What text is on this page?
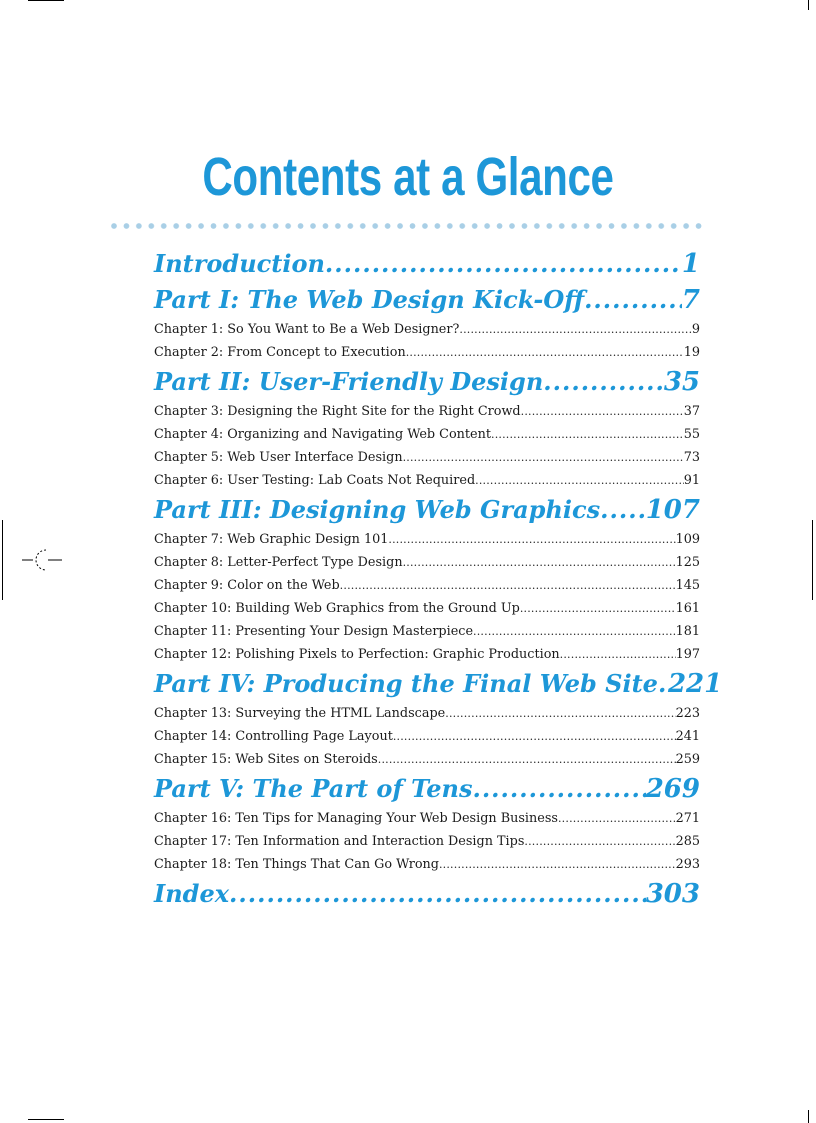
Contents at a Glance
Introduction .....	1
Part I: The Web Design Kick-Off .....	7
Chapter 1: So You Want to Be a Web Designer? .....	9
Chapter 2: From Concept to Execution .....	19
Part II: User-Friendly Design .....	35
Chapter 3: Designing the Right Site for the Right Crowd .....	37
Chapter 4: Organizing and Navigating Web Content .....	55
Chapter 5: Web User Interface Design .....	73
Chapter 6: User Testing: Lab Coats Not Required .....	91
Part III: Designing Web Graphics ..... 107
Chapter 7: Web Graphic Design 101 .....	109
Chapter 8: Letter-Perfect Type Design .....	125
Chapter 9: Color on the Web .....	145
Chapter 10: Building Web Graphics from the Ground Up .....	161
Chapter 11: Presenting Your Design Masterpiece .....	181
Chapter 12: Polishing Pixels to Perfection: Graphic Production .....	197
Part IV: Producing the Final Web Site ..... 221
Chapter 13: Surveying the HTML Landscape .....	223
Chapter 14: Controlling Page Layout .....	241
Chapter 15: Web Sites on Steroids .....	259
Part V: The Part of Tens .....	269
Chapter 16: Ten Tips for Managing Your Web Design Business .....	271
Chapter 17: Ten Information and Interaction Design Tips .....	285
Chapter 18: Ten Things That Can Go Wrong .....	293
Index .....	303
